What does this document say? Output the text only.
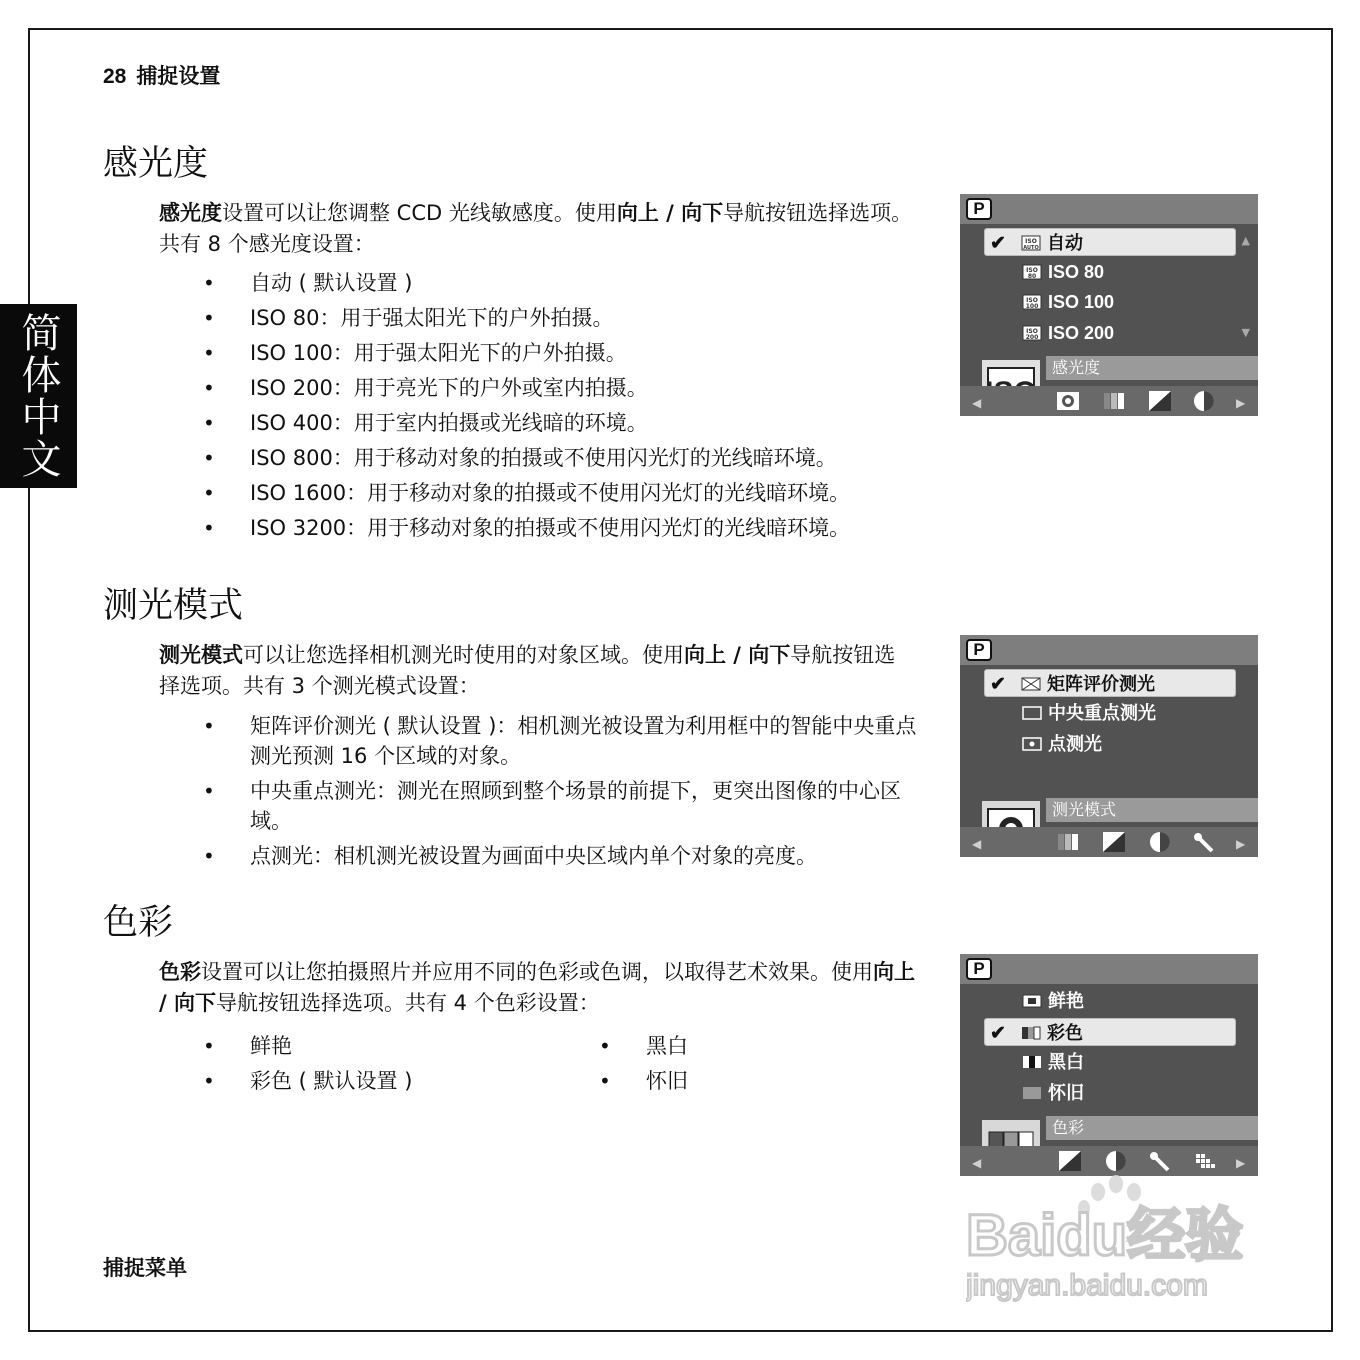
28 捕捉设置
简体中文
感光度
感光度设置可以让您调整 CCD 光线敏感度。使用向上 / 向下导航按钮选择选项。共有 8 个感光度设置：
• 自动 ( 默认设置 )
• ISO 80：用于强太阳光下的户外拍摄。
• ISO 100：用于强太阳光下的户外拍摄。
• ISO 200：用于亮光下的户外或室内拍摄。
• ISO 400：用于室内拍摄或光线暗的环境。
• ISO 800：用于移动对象的拍摄或不使用闪光灯的光线暗环境。
• ISO 1600：用于移动对象的拍摄或不使用闪光灯的光线暗环境。
• ISO 3200：用于移动对象的拍摄或不使用闪光灯的光线暗环境。
测光模式
测光模式可以让您选择相机测光时使用的对象区域。使用向上 / 向下导航按钮选择选项。共有 3 个测光模式设置：
• 矩阵评价测光 ( 默认设置 )：相机测光被设置为利用框中的智能中央重点测光预测 16 个区域的对象。
• 中央重点测光：测光在照顾到整个场景的前提下，更突出图像的中心区域。
• 点测光：相机测光被设置为画面中央区域内单个对象的亮度。
色彩
色彩设置可以让您拍摄照片并应用不同的色彩或色调，以取得艺术效果。使用向上 / 向下导航按钮选择选项。共有 4 个色彩设置：
• 鲜艳
• 彩色 ( 默认设置 )
• 黑白
• 怀旧
捕捉菜单
P
✔	ISO
AUTO 自动
ISO
80 ISO 80
ISO
100 ISO 100
ISO
200 ISO 200
▲
▼
感光度
◀	▶
P
✔ 矩阵评价测光
中央重点测光
点测光
测光模式
◀	▶
P
鲜艳
✔ 彩色
黑白
怀旧
色彩
◀	▶
Baidu经验
jingyan.baidu.com
